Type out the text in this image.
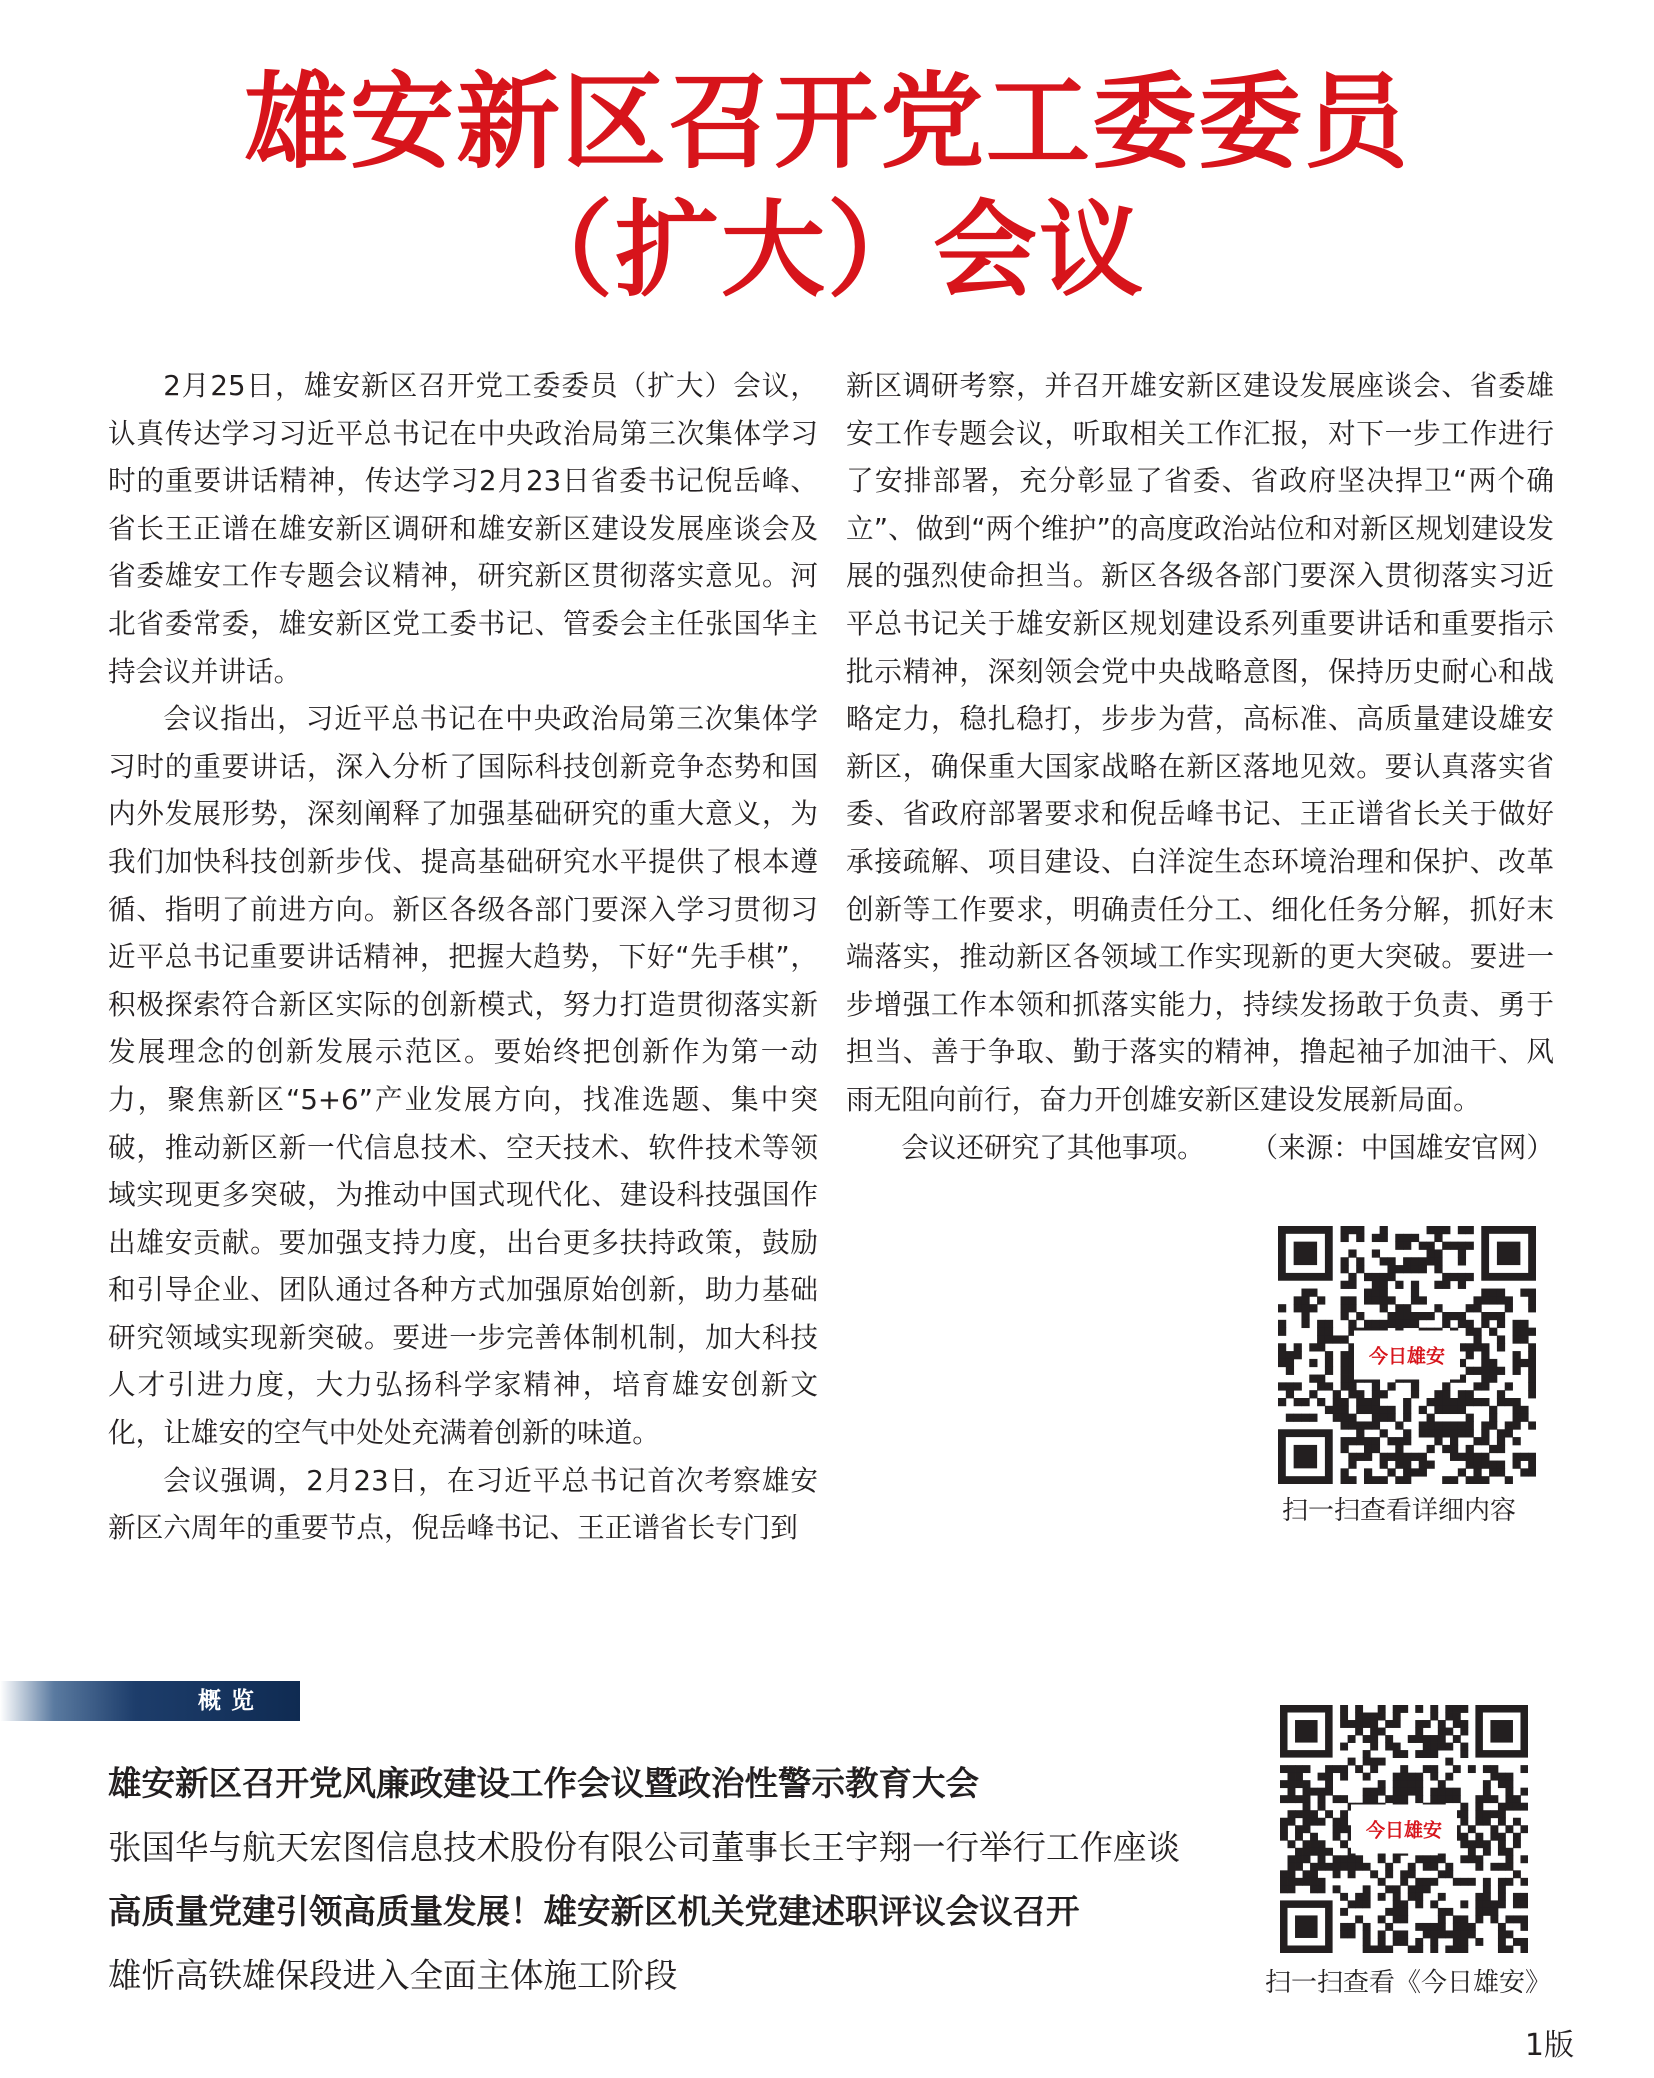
雄安新区召开党工委委员
（扩大）会议

2月25日，雄安新区召开党工委委员（扩大）会议，认真传达学习习近平总书记在中央政治局第三次集体学习时的重要讲话精神，传达学习2月23日省委书记倪岳峰、省长王正谱在雄安新区调研和雄安新区建设发展座谈会及省委雄安工作专题会议精神，研究新区贯彻落实意见。河北省委常委，雄安新区党工委书记、管委会主任张国华主持会议并讲话。

会议指出，习近平总书记在中央政治局第三次集体学习时的重要讲话，深入分析了国际科技创新竞争态势和国内外发展形势，深刻阐释了加强基础研究的重大意义，为我们加快科技创新步伐、提高基础研究水平提供了根本遵循、指明了前进方向。新区各级各部门要深入学习贯彻习近平总书记重要讲话精神，把握大趋势，下好“先手棋”，积极探索符合新区实际的创新模式，努力打造贯彻落实新发展理念的创新发展示范区。要始终把创新作为第一动力，聚焦新区“5+6”产业发展方向，找准选题、集中突破，推动新区新一代信息技术、空天技术、软件技术等领域实现更多突破，为推动中国式现代化、建设科技强国作出雄安贡献。要加强支持力度，出台更多扶持政策，鼓励和引导企业、团队通过各种方式加强原始创新，助力基础研究领域实现新突破。要进一步完善体制机制，加大科技人才引进力度，大力弘扬科学家精神，培育雄安创新文化，让雄安的空气中处处充满着创新的味道。

会议强调，2月23日，在习近平总书记首次考察雄安新区六周年的重要节点，倪岳峰书记、王正谱省长专门到

新区调研考察，并召开雄安新区建设发展座谈会、省委雄安工作专题会议，听取相关工作汇报，对下一步工作进行了安排部署，充分彰显了省委、省政府坚决捍卫“两个确立”、做到“两个维护”的高度政治站位和对新区规划建设发展的强烈使命担当。新区各级各部门要深入贯彻落实习近平总书记关于雄安新区规划建设系列重要讲话和重要指示批示精神，深刻领会党中央战略意图，保持历史耐心和战略定力，稳扎稳打，步步为营，高标准、高质量建设雄安新区，确保重大国家战略在新区落地见效。要认真落实省委、省政府部署要求和倪岳峰书记、王正谱省长关于做好承接疏解、项目建设、白洋淀生态环境治理和保护、改革创新等工作要求，明确责任分工、细化任务分解，抓好末端落实，推动新区各领域工作实现新的更大突破。要进一步增强工作本领和抓落实能力，持续发扬敢于负责、勇于担当、善于争取、勤于落实的精神，撸起袖子加油干、风雨无阻向前行，奋力开创雄安新区建设发展新局面。

会议还研究了其他事项。	（来源：中国雄安官网）

今日雄安
扫一扫查看详细内容
概览
雄安新区召开党风廉政建设工作会议暨政治性警示教育大会
张国华与航天宏图信息技术股份有限公司董事长王宇翔一行举行工作座谈
高质量党建引领高质量发展！雄安新区机关党建述职评议会议召开
雄忻高铁雄保段进入全面主体施工阶段
今日雄安
扫一扫查看《今日雄安》
1版
